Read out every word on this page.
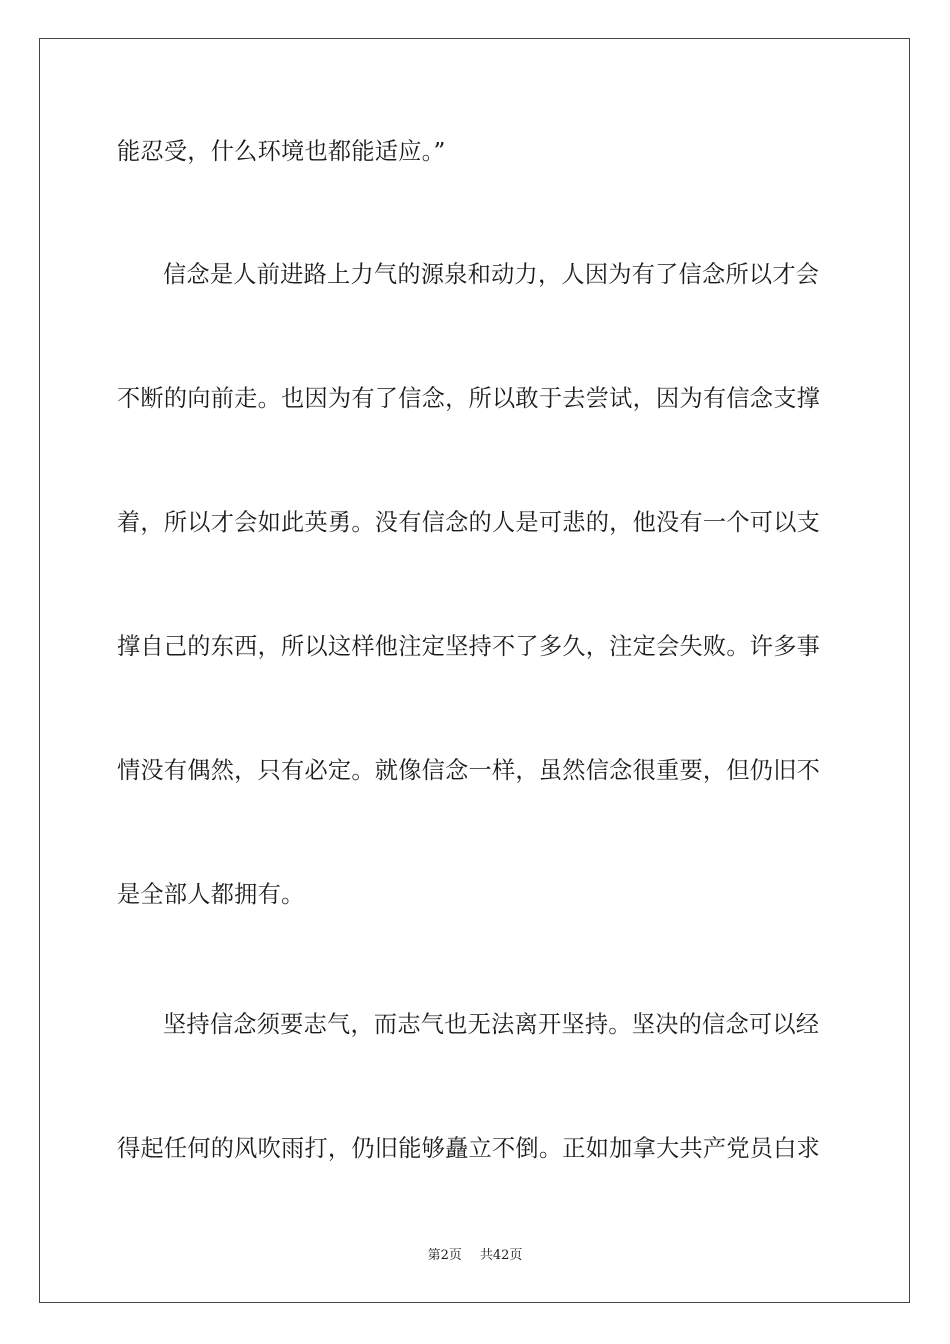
能忍受，什么环境也都能适应。”
信念是人前进路上力气的源泉和动力，人因为有了信念所以才会
不断的向前走。也因为有了信念，所以敢于去尝试，因为有信念支撑
着，所以才会如此英勇。没有信念的人是可悲的，他没有一个可以支
撑自己的东西，所以这样他注定坚持不了多久，注定会失败。许多事
情没有偶然，只有必定。就像信念一样，虽然信念很重要，但仍旧不
是全部人都拥有。
坚持信念须要志气，而志气也无法离开坚持。坚决的信念可以经
得起任何的风吹雨打，仍旧能够矗立不倒。正如加拿大共产党员白求
第2页 共42页
